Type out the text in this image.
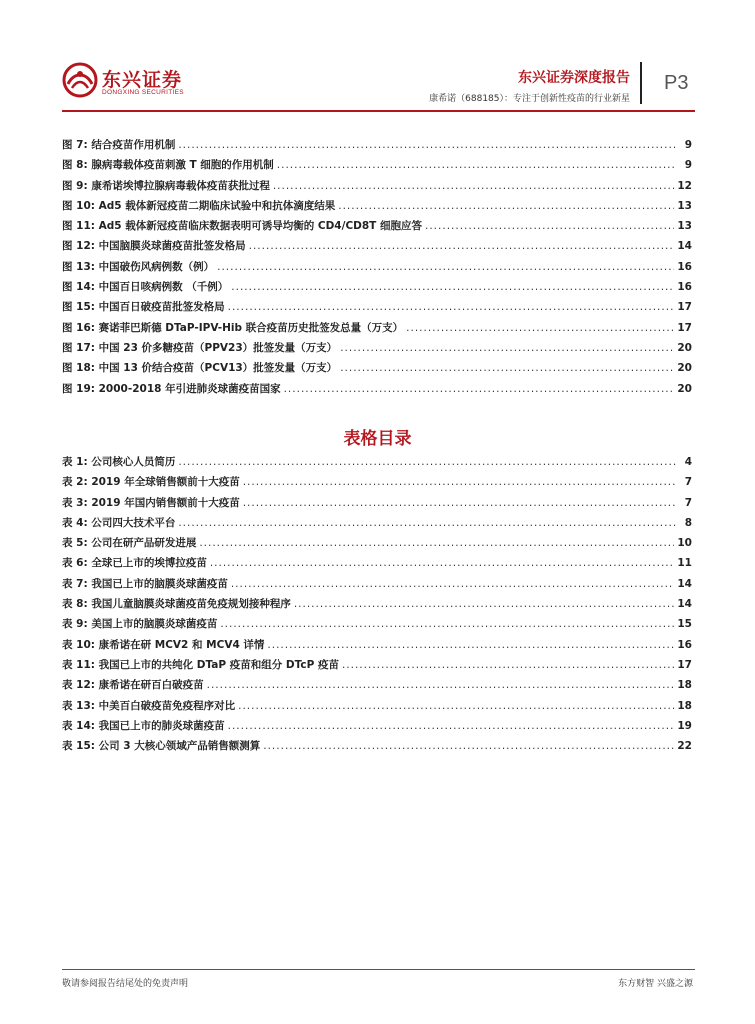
东兴证券
DONGXING SECURITIES
东兴证券深度报告
康希诺（688185）：专注于创新性疫苗的行业新星
P3
图 7: 结合疫苗作用机制 .....	9
图 8: 腺病毒载体疫苗刺激 T 细胞的作用机制 .....	9
图 9: 康希诺埃博拉腺病毒载体疫苗获批过程 .....	12
图 10: Ad5 载体新冠疫苗二期临床试验中和抗体滴度结果 .....	13
图 11: Ad5 载体新冠疫苗临床数据表明可诱导均衡的 CD4/CD8T 细胞应答 .....	13
图 12: 中国脑膜炎球菌疫苗批签发格局 .....	14
图 13: 中国破伤风病例数（例） .....	16
图 14: 中国百日咳病例数 （千例） .....	16
图 15: 中国百日破疫苗批签发格局 .....	17
图 16: 赛诺菲巴斯德 DTaP-IPV-Hib 联合疫苗历史批签发总量（万支） .....	17
图 17: 中国 23 价多糖疫苗（PPV23）批签发量（万支） .....	20
图 18: 中国 13 价结合疫苗（PCV13）批签发量（万支） .....	20
图 19: 2000-2018 年引进肺炎球菌疫苗国家 .....	20
表格目录
表 1: 公司核心人员简历 .....	4
表 2: 2019 年全球销售额前十大疫苗 .....	7
表 3: 2019 年国内销售额前十大疫苗 .....	7
表 4: 公司四大技术平台 .....	8
表 5: 公司在研产品研发进展 .....	10
表 6: 全球已上市的埃博拉疫苗 .....	11
表 7: 我国已上市的脑膜炎球菌疫苗 .....	14
表 8: 我国儿童脑膜炎球菌疫苗免疫规划接种程序 .....	14
表 9: 美国上市的脑膜炎球菌疫苗 .....	15
表 10: 康希诺在研 MCV2 和 MCV4 详情 .....	16
表 11: 我国已上市的共纯化 DTaP 疫苗和组分 DTcP 疫苗 .....	17
表 12: 康希诺在研百白破疫苗 .....	18
表 13: 中美百白破疫苗免疫程序对比 .....	18
表 14: 我国已上市的肺炎球菌疫苗 .....	19
表 15: 公司 3 大核心领域产品销售额测算 .....	22
敬请参阅报告结尾处的免责声明	东方财智 兴盛之源
